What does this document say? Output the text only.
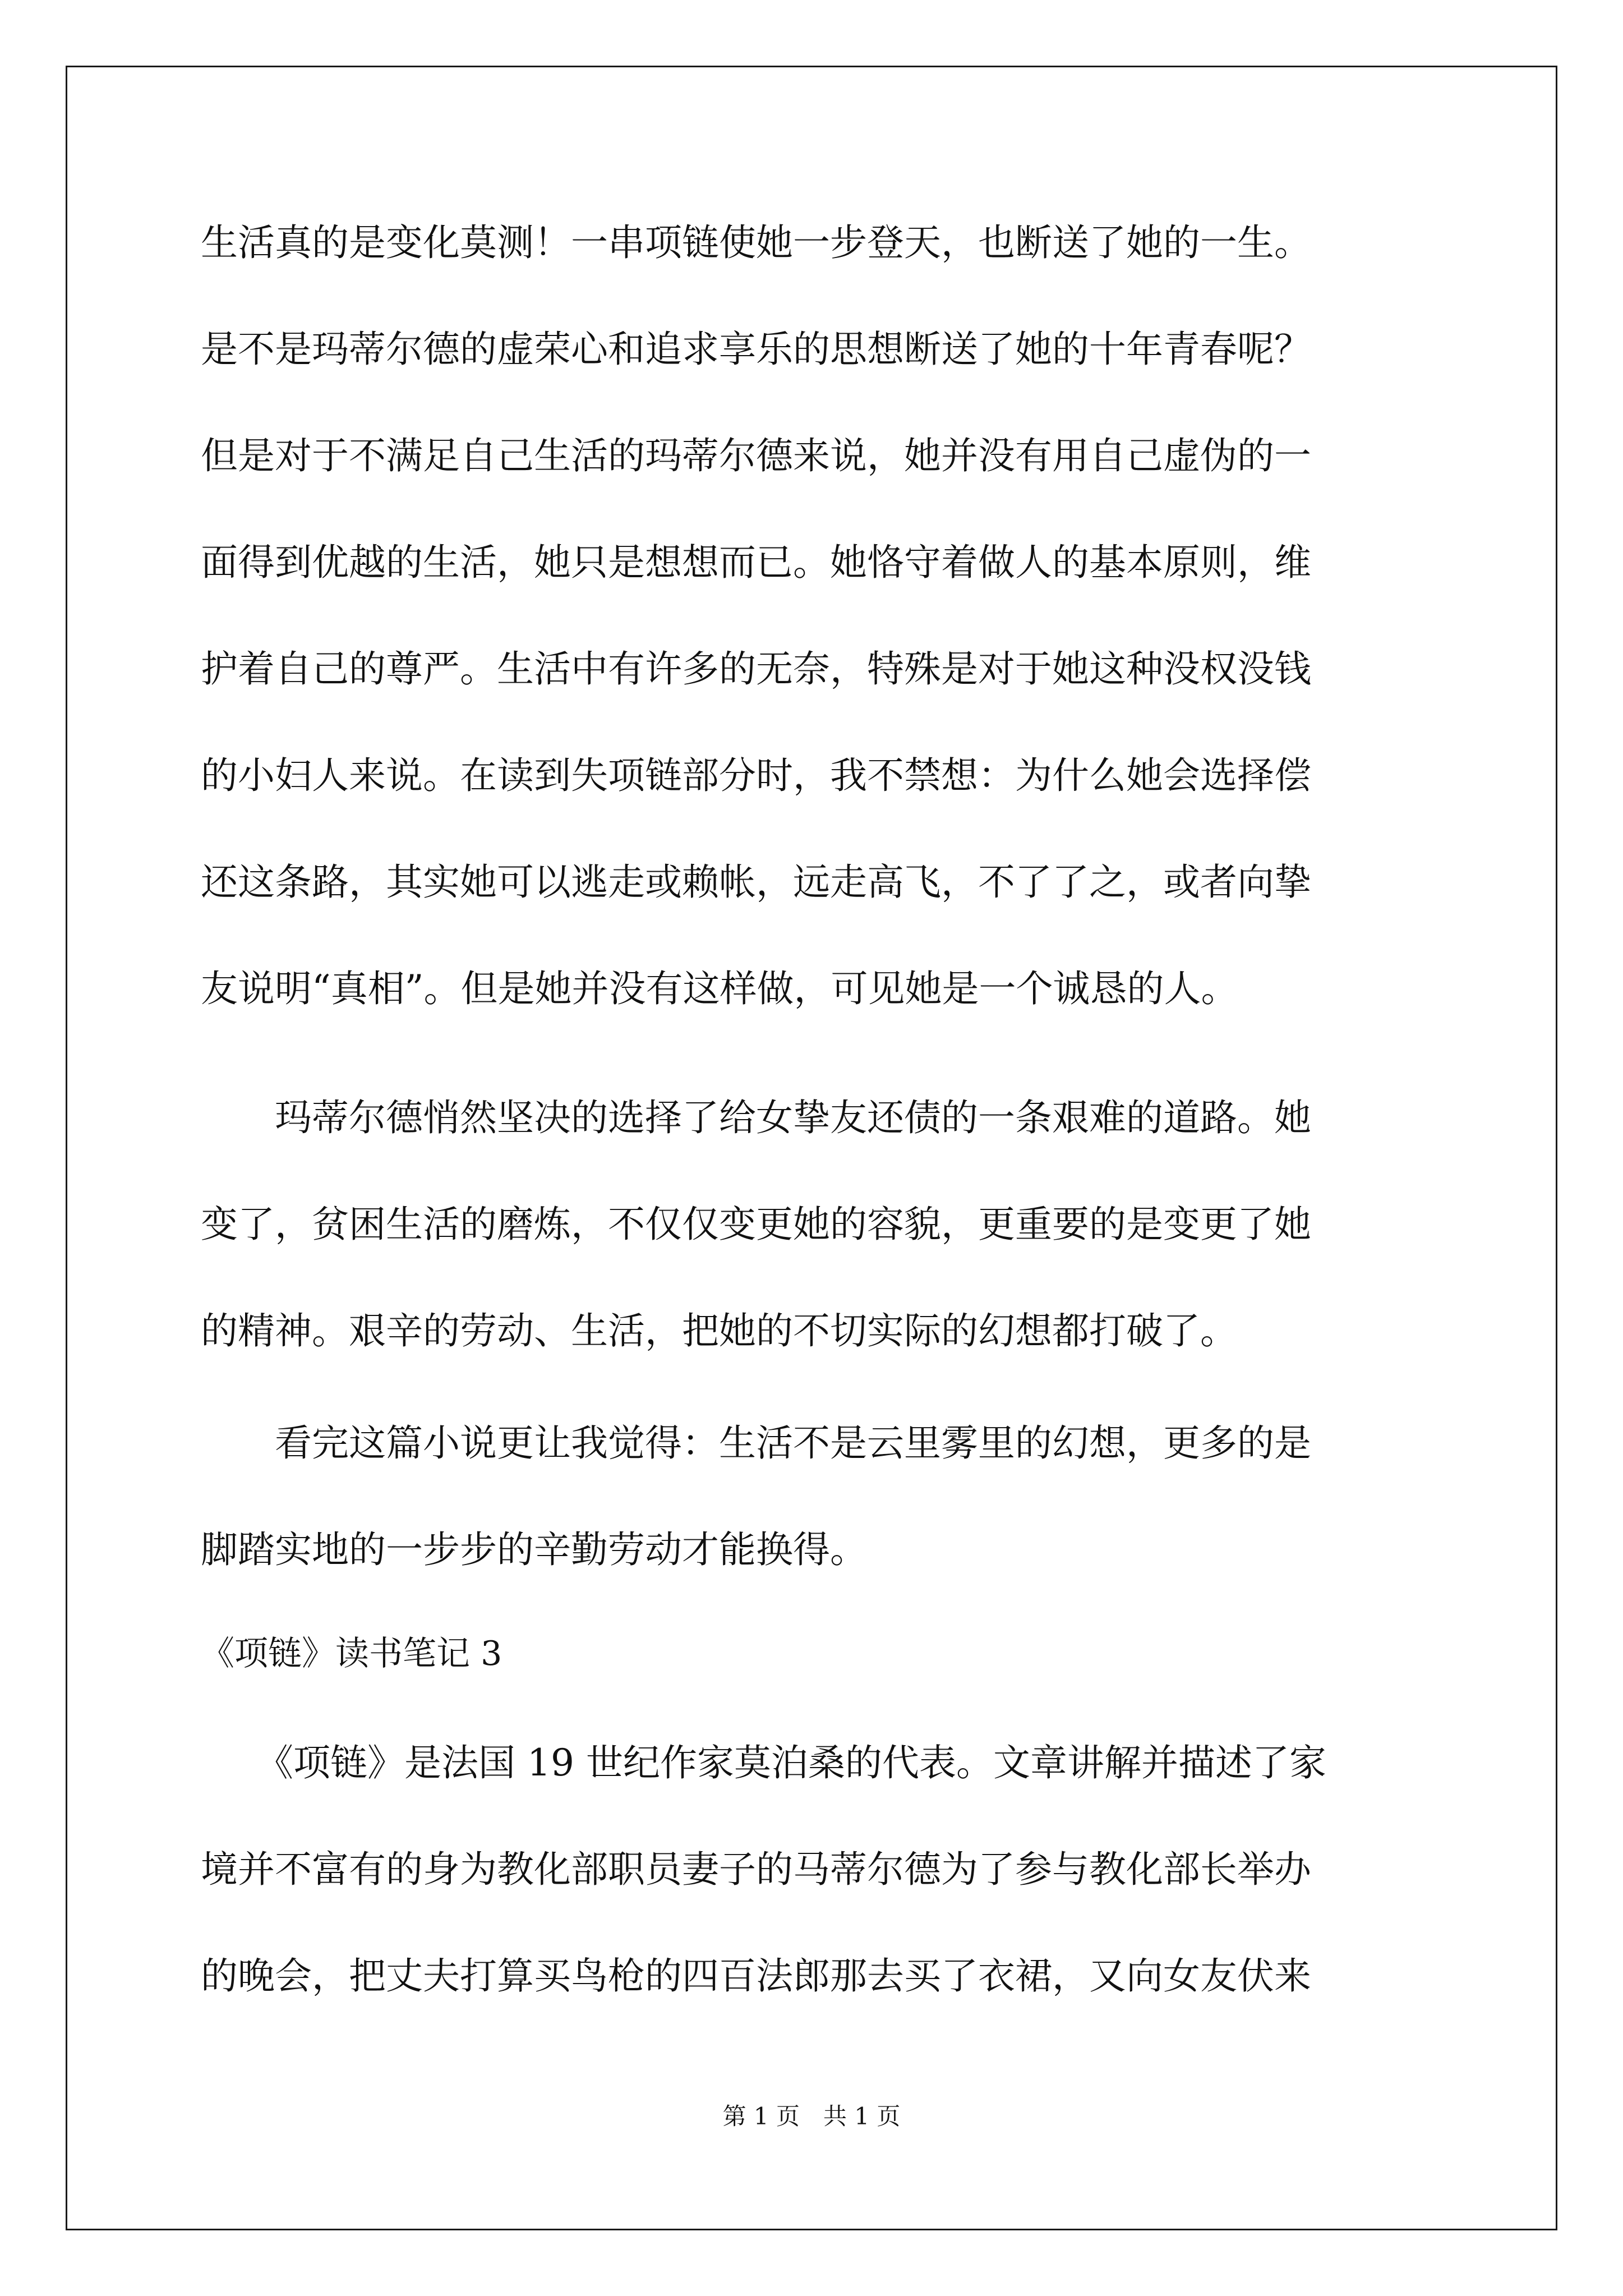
生活真的是变化莫测！一串项链使她一步登天，也断送了她的一生。
是不是玛蒂尔德的虚荣心和追求享乐的思想断送了她的十年青春呢？
但是对于不满足自己生活的玛蒂尔德来说，她并没有用自己虚伪的一
面得到优越的生活，她只是想想而已。她恪守着做人的基本原则，维
护着自己的尊严。生活中有许多的无奈，特殊是对于她这种没权没钱
的小妇人来说。在读到失项链部分时，我不禁想：为什么她会选择偿
还这条路，其实她可以逃走或赖帐，远走高飞，不了了之，或者向挚
友说明“真相”。但是她并没有这样做，可见她是一个诚恳的人。
　　玛蒂尔德悄然坚决的选择了给女挚友还债的一条艰难的道路。她
变了，贫困生活的磨炼，不仅仅变更她的容貌，更重要的是变更了她
的精神。艰辛的劳动、生活，把她的不切实际的幻想都打破了。
　　看完这篇小说更让我觉得：生活不是云里雾里的幻想，更多的是
脚踏实地的一步步的辛勤劳动才能换得。
《项链》读书笔记 3
　　《项链》是法国 19 世纪作家莫泊桑的代表。文章讲解并描述了家
境并不富有的身为教化部职员妻子的马蒂尔德为了参与教化部长举办
的晚会，把丈夫打算买鸟枪的四百法郎那去买了衣裙，又向女友伏来
第 1 页　共 1 页
